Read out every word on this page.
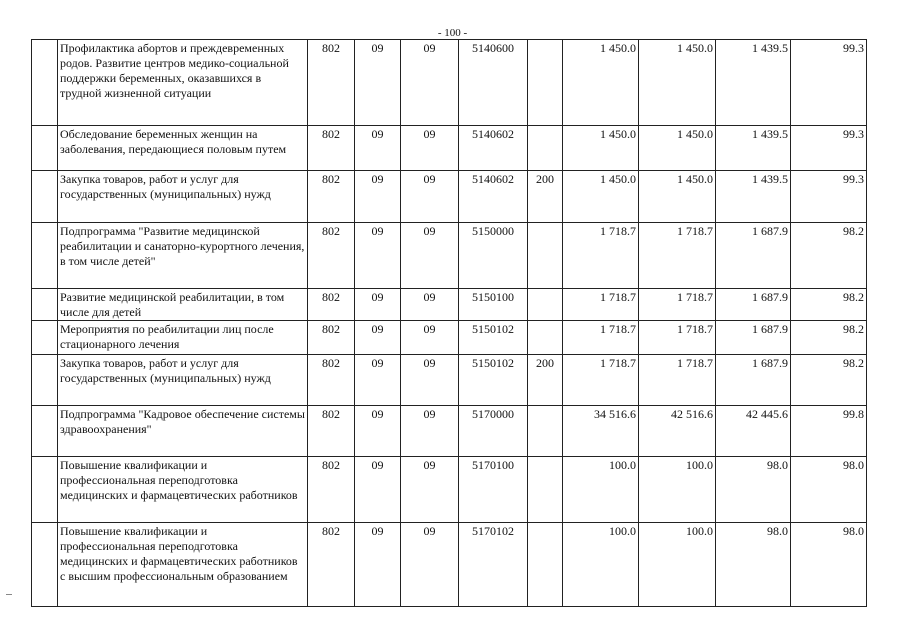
- 100 -
	Профилактика абортов и преждевременных родов. Развитие центров медико-социальной поддержки беременных, оказавшихся в трудной жизненной ситуации	802	09	09	5140600		1 450.0	1 450.0	1 439.5	99.3
	Обследование беременных женщин на заболевания, передающиеся половым путем	802	09	09	5140602		1 450.0	1 450.0	1 439.5	99.3
	Закупка товаров, работ и услуг для государственных (муниципальных) нужд	802	09	09	5140602	200	1 450.0	1 450.0	1 439.5	99.3
	Подпрограмма "Развитие медицинской реабилитации и санаторно-курортного лечения, в том числе детей"	802	09	09	5150000		1 718.7	1 718.7	1 687.9	98.2
	Развитие медицинской реабилитации, в том числе для детей	802	09	09	5150100		1 718.7	1 718.7	1 687.9	98.2
	Мероприятия по реабилитации лиц после стационарного лечения	802	09	09	5150102		1 718.7	1 718.7	1 687.9	98.2
	Закупка товаров, работ и услуг для государственных (муниципальных) нужд	802	09	09	5150102	200	1 718.7	1 718.7	1 687.9	98.2
	Подпрограмма "Кадровое обеспечение системы здравоохранения"	802	09	09	5170000		34 516.6	42 516.6	42 445.6	99.8
	Повышение квалификации и профессиональная переподготовка медицинских и фармацевтических работников	802	09	09	5170100		100.0	100.0	98.0	98.0
	Повышение квалификации и профессиональная переподготовка медицинских и фармацевтических работников с высшим профессиональным образованием	802	09	09	5170102		100.0	100.0	98.0	98.0
